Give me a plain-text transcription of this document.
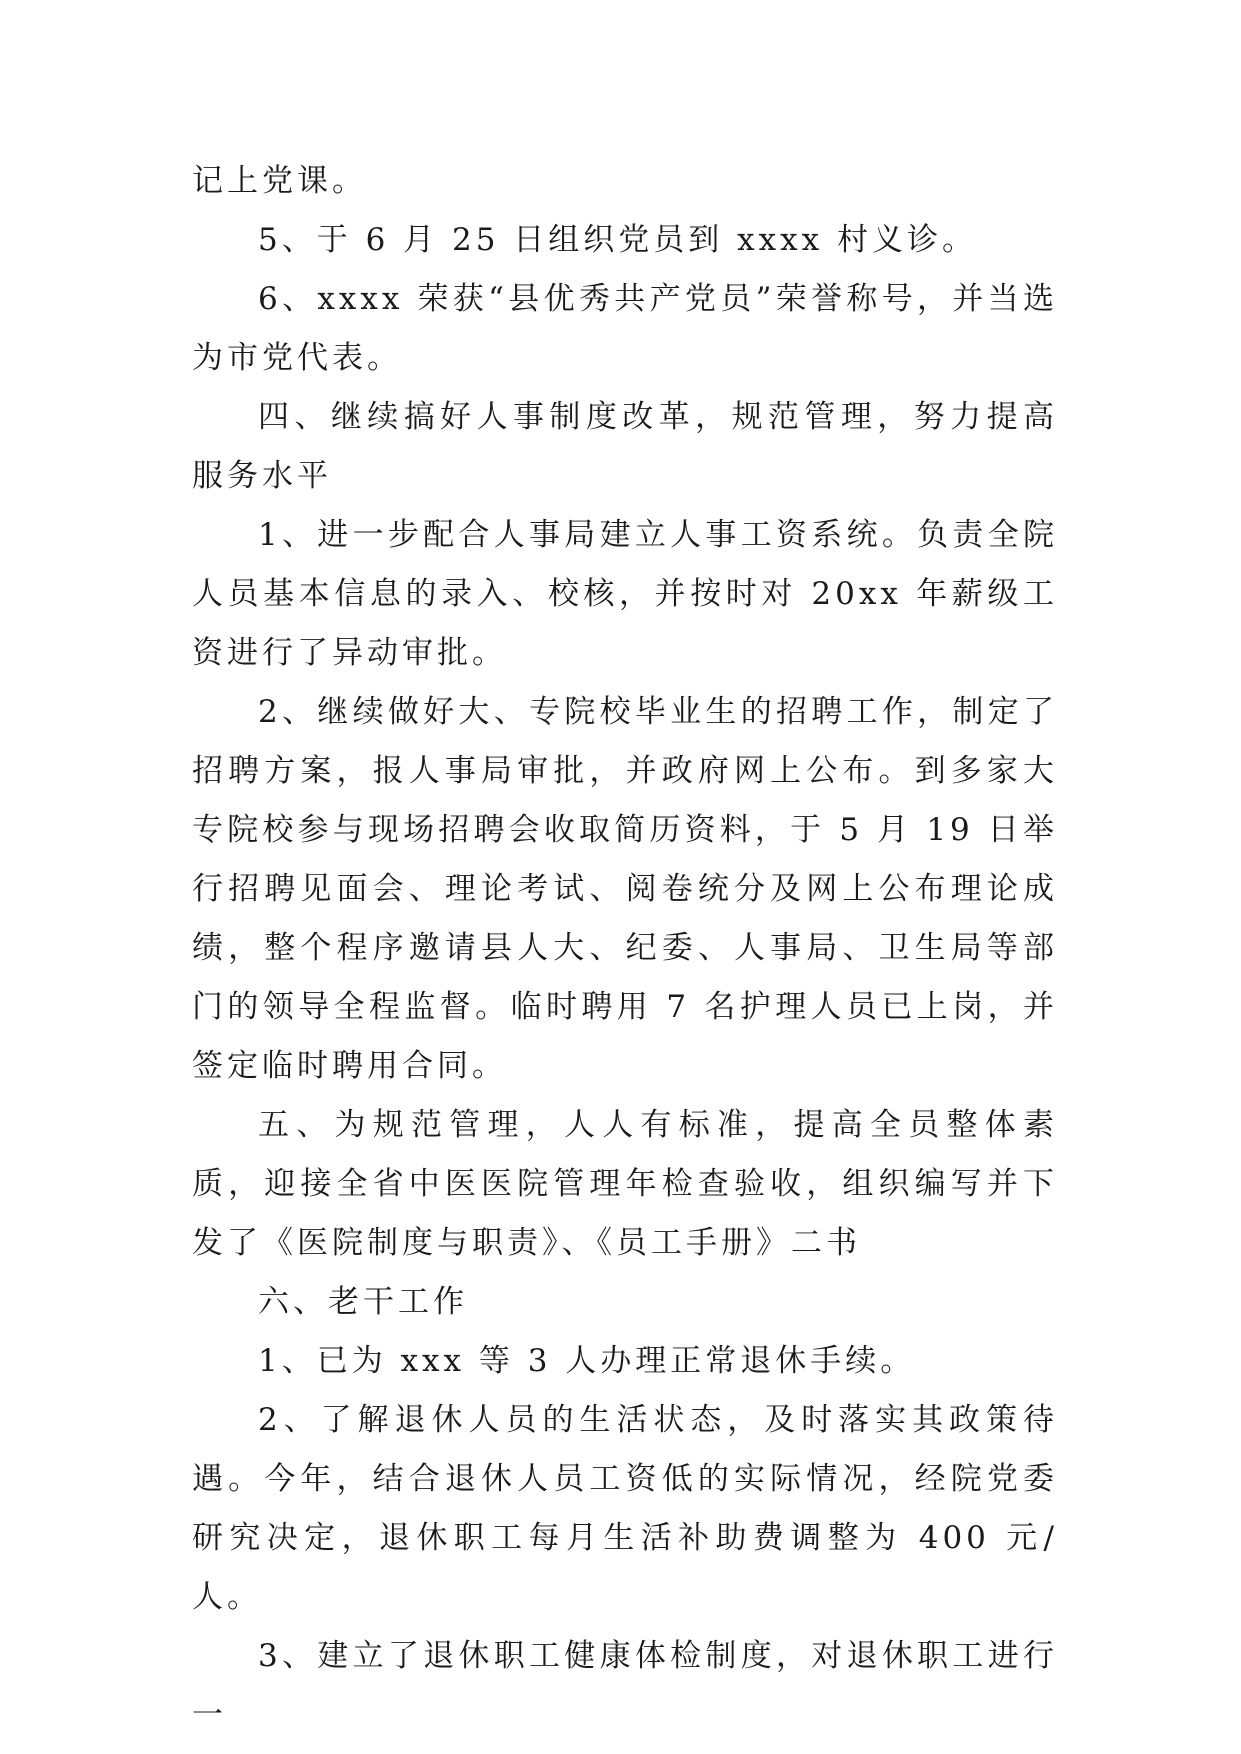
记上党课。

5、于 6 月 25 日组织党员到 xxxx 村义诊。

6、xxxx 荣获“县优秀共产党员”荣誉称号，并当选为市党代表。

四、继续搞好人事制度改革，规范管理，努力提高服务水平

1、进一步配合人事局建立人事工资系统。负责全院人员基本信息的录入、校核，并按时对 20xx 年薪级工资进行了异动审批。

2、继续做好大、专院校毕业生的招聘工作，制定了招聘方案，报人事局审批，并政府网上公布。到多家大专院校参与现场招聘会收取简历资料，于 5 月 19 日举行招聘见面会、理论考试、阅卷统分及网上公布理论成绩，整个程序邀请县人大、纪委、人事局、卫生局等部门的领导全程监督。临时聘用 7 名护理人员已上岗，并签定临时聘用合同。

五、为规范管理，人人有标准，提高全员整体素质，迎接全省中医医院管理年检查验收，组织编写并下发了《医院制度与职责》、《员工手册》二书

六、老干工作

1、已为 xxx 等 3 人办理正常退休手续。

2、了解退休人员的生活状态，及时落实其政策待遇。今年，结合退休人员工资低的实际情况，经院党委研究决定，退休职工每月生活补助费调整为 400 元/人。

3、建立了退休职工健康体检制度，对退休职工进行一
